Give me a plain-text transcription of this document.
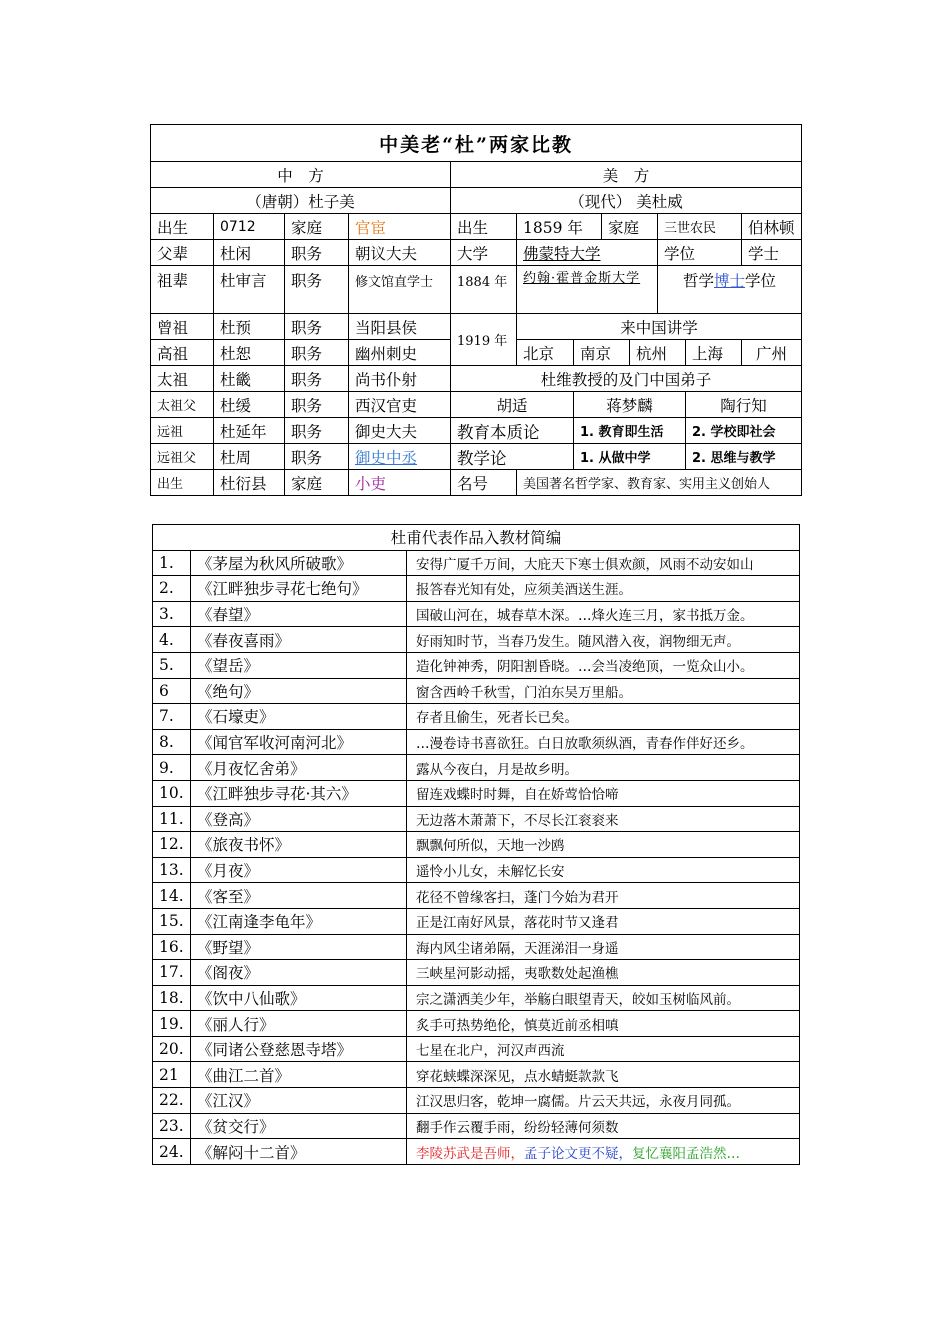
中美老“杜”两家比教											
中　方				美　方							
（唐朝）杜子美				（现代） 美杜威							
出生	0712	家庭	官宦	出生	1859 年		家庭		三世农民		伯林顿
父辈	杜闲	职务	朝议大夫	大学	佛蒙特大学				学位		学士
祖辈	杜审言	职务	修文馆直学士	1884 年	约翰·霍普金斯大学				哲学博士学位		
曾祖	杜预	职务	当阳县侯	1919 年	来中国讲学						
高祖	杜恕	职务	幽州刺史		北京	南京		杭州		上海	广州
太祖	杜畿	职务	尚书仆射	杜维教授的及门中国弟子							
太祖父	杜缓	职务	西汉官吏	胡适		蒋梦麟				陶行知	
远祖	杜延年	职务	御史大夫	教育本质论		1. 教育即生活				2. 学校即社会	
远祖父	杜周	职务	御史中丞	教学论		1. 从做中学				2. 思维与教学	
出生	杜衍县	家庭	小吏	名号	美国著名哲学家、教育家、实用主义创始人						
杜甫代表作品入教材简编		
1.	《茅屋为秋风所破歌》	安得广厦千万间，大庇天下寒士俱欢颜，风雨不动安如山
2.	《江畔独步寻花七绝句》	报答春光知有处，应须美酒送生涯。
3.	《春望》	国破山河在，城春草木深。…烽火连三月，家书抵万金。
4.	《春夜喜雨》	好雨知时节，当春乃发生。随风潜入夜，润物细无声。
5.	《望岳》	造化钟神秀，阴阳割昏晓。…会当凌绝顶，一览众山小。
6	《绝句》	窗含西岭千秋雪，门泊东吴万里船。
7.	《石壕吏》	存者且偷生，死者长已矣。
8.	《闻官军收河南河北》	…漫卷诗书喜欲狂。白日放歌须纵酒，青春作伴好还乡。
9.	《月夜忆舍弟》	露从今夜白，月是故乡明。
10.	《江畔独步寻花·其六》	留连戏蝶时时舞，自在娇莺恰恰啼
11.	《登高》	无边落木萧萧下，不尽长江衮衮来
12.	《旅夜书怀》	飘飘何所似，天地一沙鸥
13.	《月夜》	遥怜小儿女，未解忆长安
14.	《客至》	花径不曾缘客扫，蓬门今始为君开
15.	《江南逢李龟年》	正是江南好风景，落花时节又逢君
16.	《野望》	海内风尘诸弟隔，天涯涕泪一身遥
17.	《阁夜》	三峡星河影动摇，夷歌数处起渔樵
18.	《饮中八仙歌》	宗之潇洒美少年，举觞白眼望青天，皎如玉树临风前。
19.	《丽人行》	炙手可热势绝伦，慎莫近前丞相嗔
20.	《同诸公登慈恩寺塔》	七星在北户，河汉声西流
21	《曲江二首》	穿花蛱蝶深深见，点水蜻蜓款款飞
22.	《江汉》	江汉思归客，乾坤一腐儒。片云天共远，永夜月同孤。
23.	《贫交行》	翻手作云覆手雨，纷纷轻薄何须数
24.	《解闷十二首》	李陵苏武是吾师，孟子论文更不疑，复忆襄阳孟浩然…
